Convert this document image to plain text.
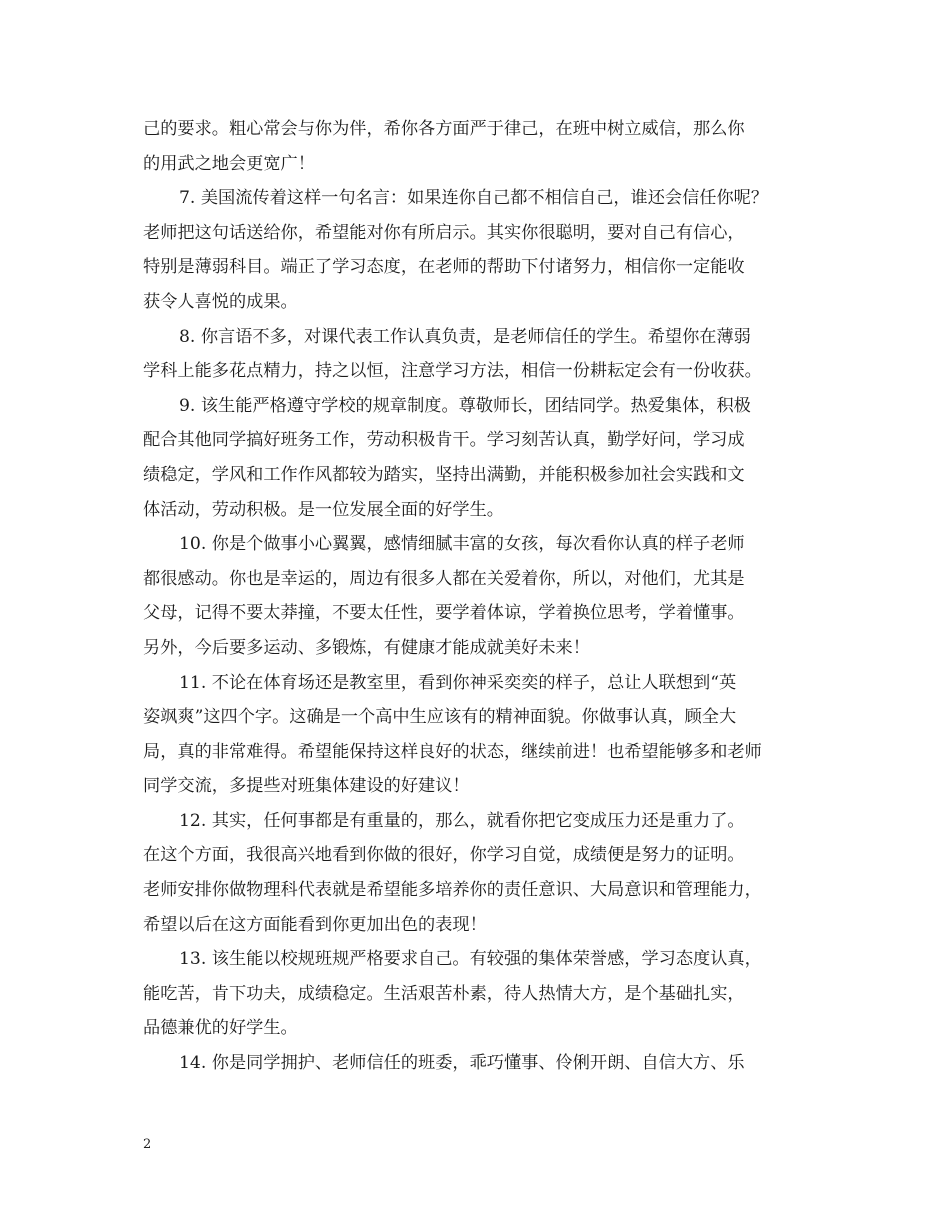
己的要求。粗心常会与你为伴，希你各方面严于律己，在班中树立威信，那么你
的用武之地会更宽广！
7. 美国流传着这样一句名言：如果连你自己都不相信自己，谁还会信任你呢？
老师把这句话送给你，希望能对你有所启示。其实你很聪明，要对自己有信心，
特别是薄弱科目。端正了学习态度，在老师的帮助下付诸努力，相信你一定能收
获令人喜悦的成果。
8. 你言语不多，对课代表工作认真负责，是老师信任的学生。希望你在薄弱
学科上能多花点精力，持之以恒，注意学习方法，相信一份耕耘定会有一份收获。
9. 该生能严格遵守学校的规章制度。尊敬师长，团结同学。热爱集体，积极
配合其他同学搞好班务工作，劳动积极肯干。学习刻苦认真，勤学好问，学习成
绩稳定，学风和工作作风都较为踏实，坚持出满勤，并能积极参加社会实践和文
体活动，劳动积极。是一位发展全面的好学生。
10. 你是个做事小心翼翼，感情细腻丰富的女孩，每次看你认真的样子老师
都很感动。你也是幸运的，周边有很多人都在关爱着你，所以，对他们，尤其是
父母，记得不要太莽撞，不要太任性，要学着体谅，学着换位思考，学着懂事。
另外，今后要多运动、多锻炼，有健康才能成就美好未来！
11. 不论在体育场还是教室里，看到你神采奕奕的样子，总让人联想到“英
姿飒爽”这四个字。这确是一个高中生应该有的精神面貌。你做事认真，顾全大
局，真的非常难得。希望能保持这样良好的状态，继续前进！也希望能够多和老师
同学交流，多提些对班集体建设的好建议！
12. 其实，任何事都是有重量的，那么，就看你把它变成压力还是重力了。
在这个方面，我很高兴地看到你做的很好，你学习自觉，成绩便是努力的证明。
老师安排你做物理科代表就是希望能多培养你的责任意识、大局意识和管理能力，
希望以后在这方面能看到你更加出色的表现！
13. 该生能以校规班规严格要求自己。有较强的集体荣誉感，学习态度认真，
能吃苦，肯下功夫，成绩稳定。生活艰苦朴素，待人热情大方，是个基础扎实，
品德兼优的好学生。
14. 你是同学拥护、老师信任的班委，乖巧懂事、伶俐开朗、自信大方、乐
2
